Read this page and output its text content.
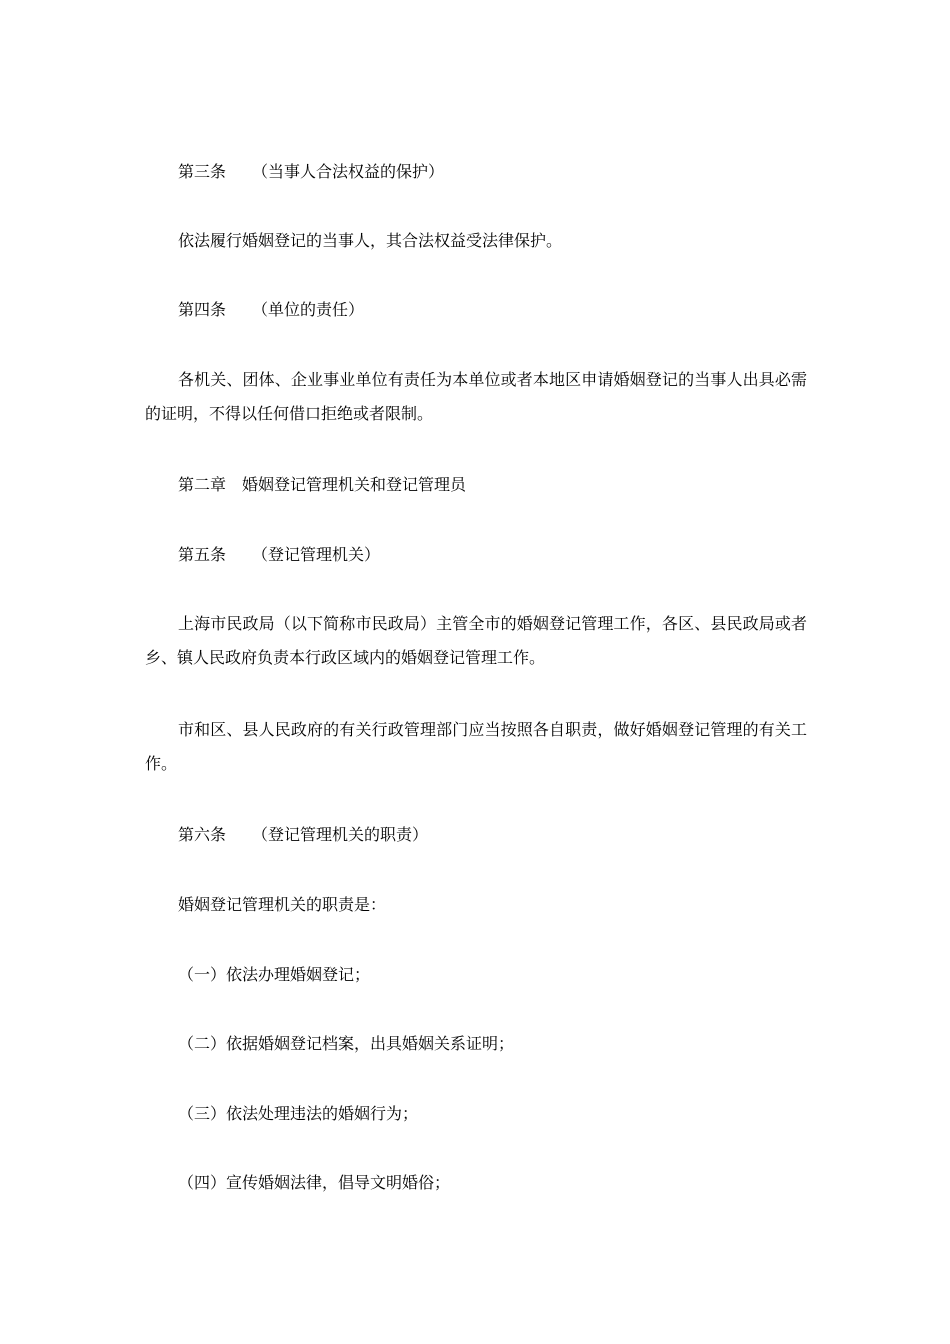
第三条 （当事人合法权益的保护）
依法履行婚姻登记的当事人，其合法权益受法律保护。
第四条 （单位的责任）
各机关、团体、企业事业单位有责任为本单位或者本地区申请婚姻登记的当事人出具必需的证明，不得以任何借口拒绝或者限制。
第二章 婚姻登记管理机关和登记管理员
第五条 （登记管理机关）
上海市民政局（以下简称市民政局）主管全市的婚姻登记管理工作，各区、县民政局或者乡、镇人民政府负责本行政区域内的婚姻登记管理工作。
市和区、县人民政府的有关行政管理部门应当按照各自职责，做好婚姻登记管理的有关工作。
第六条 （登记管理机关的职责）
婚姻登记管理机关的职责是：
（一）依法办理婚姻登记；
（二）依据婚姻登记档案，出具婚姻关系证明；
（三）依法处理违法的婚姻行为；
（四）宣传婚姻法律，倡导文明婚俗；
